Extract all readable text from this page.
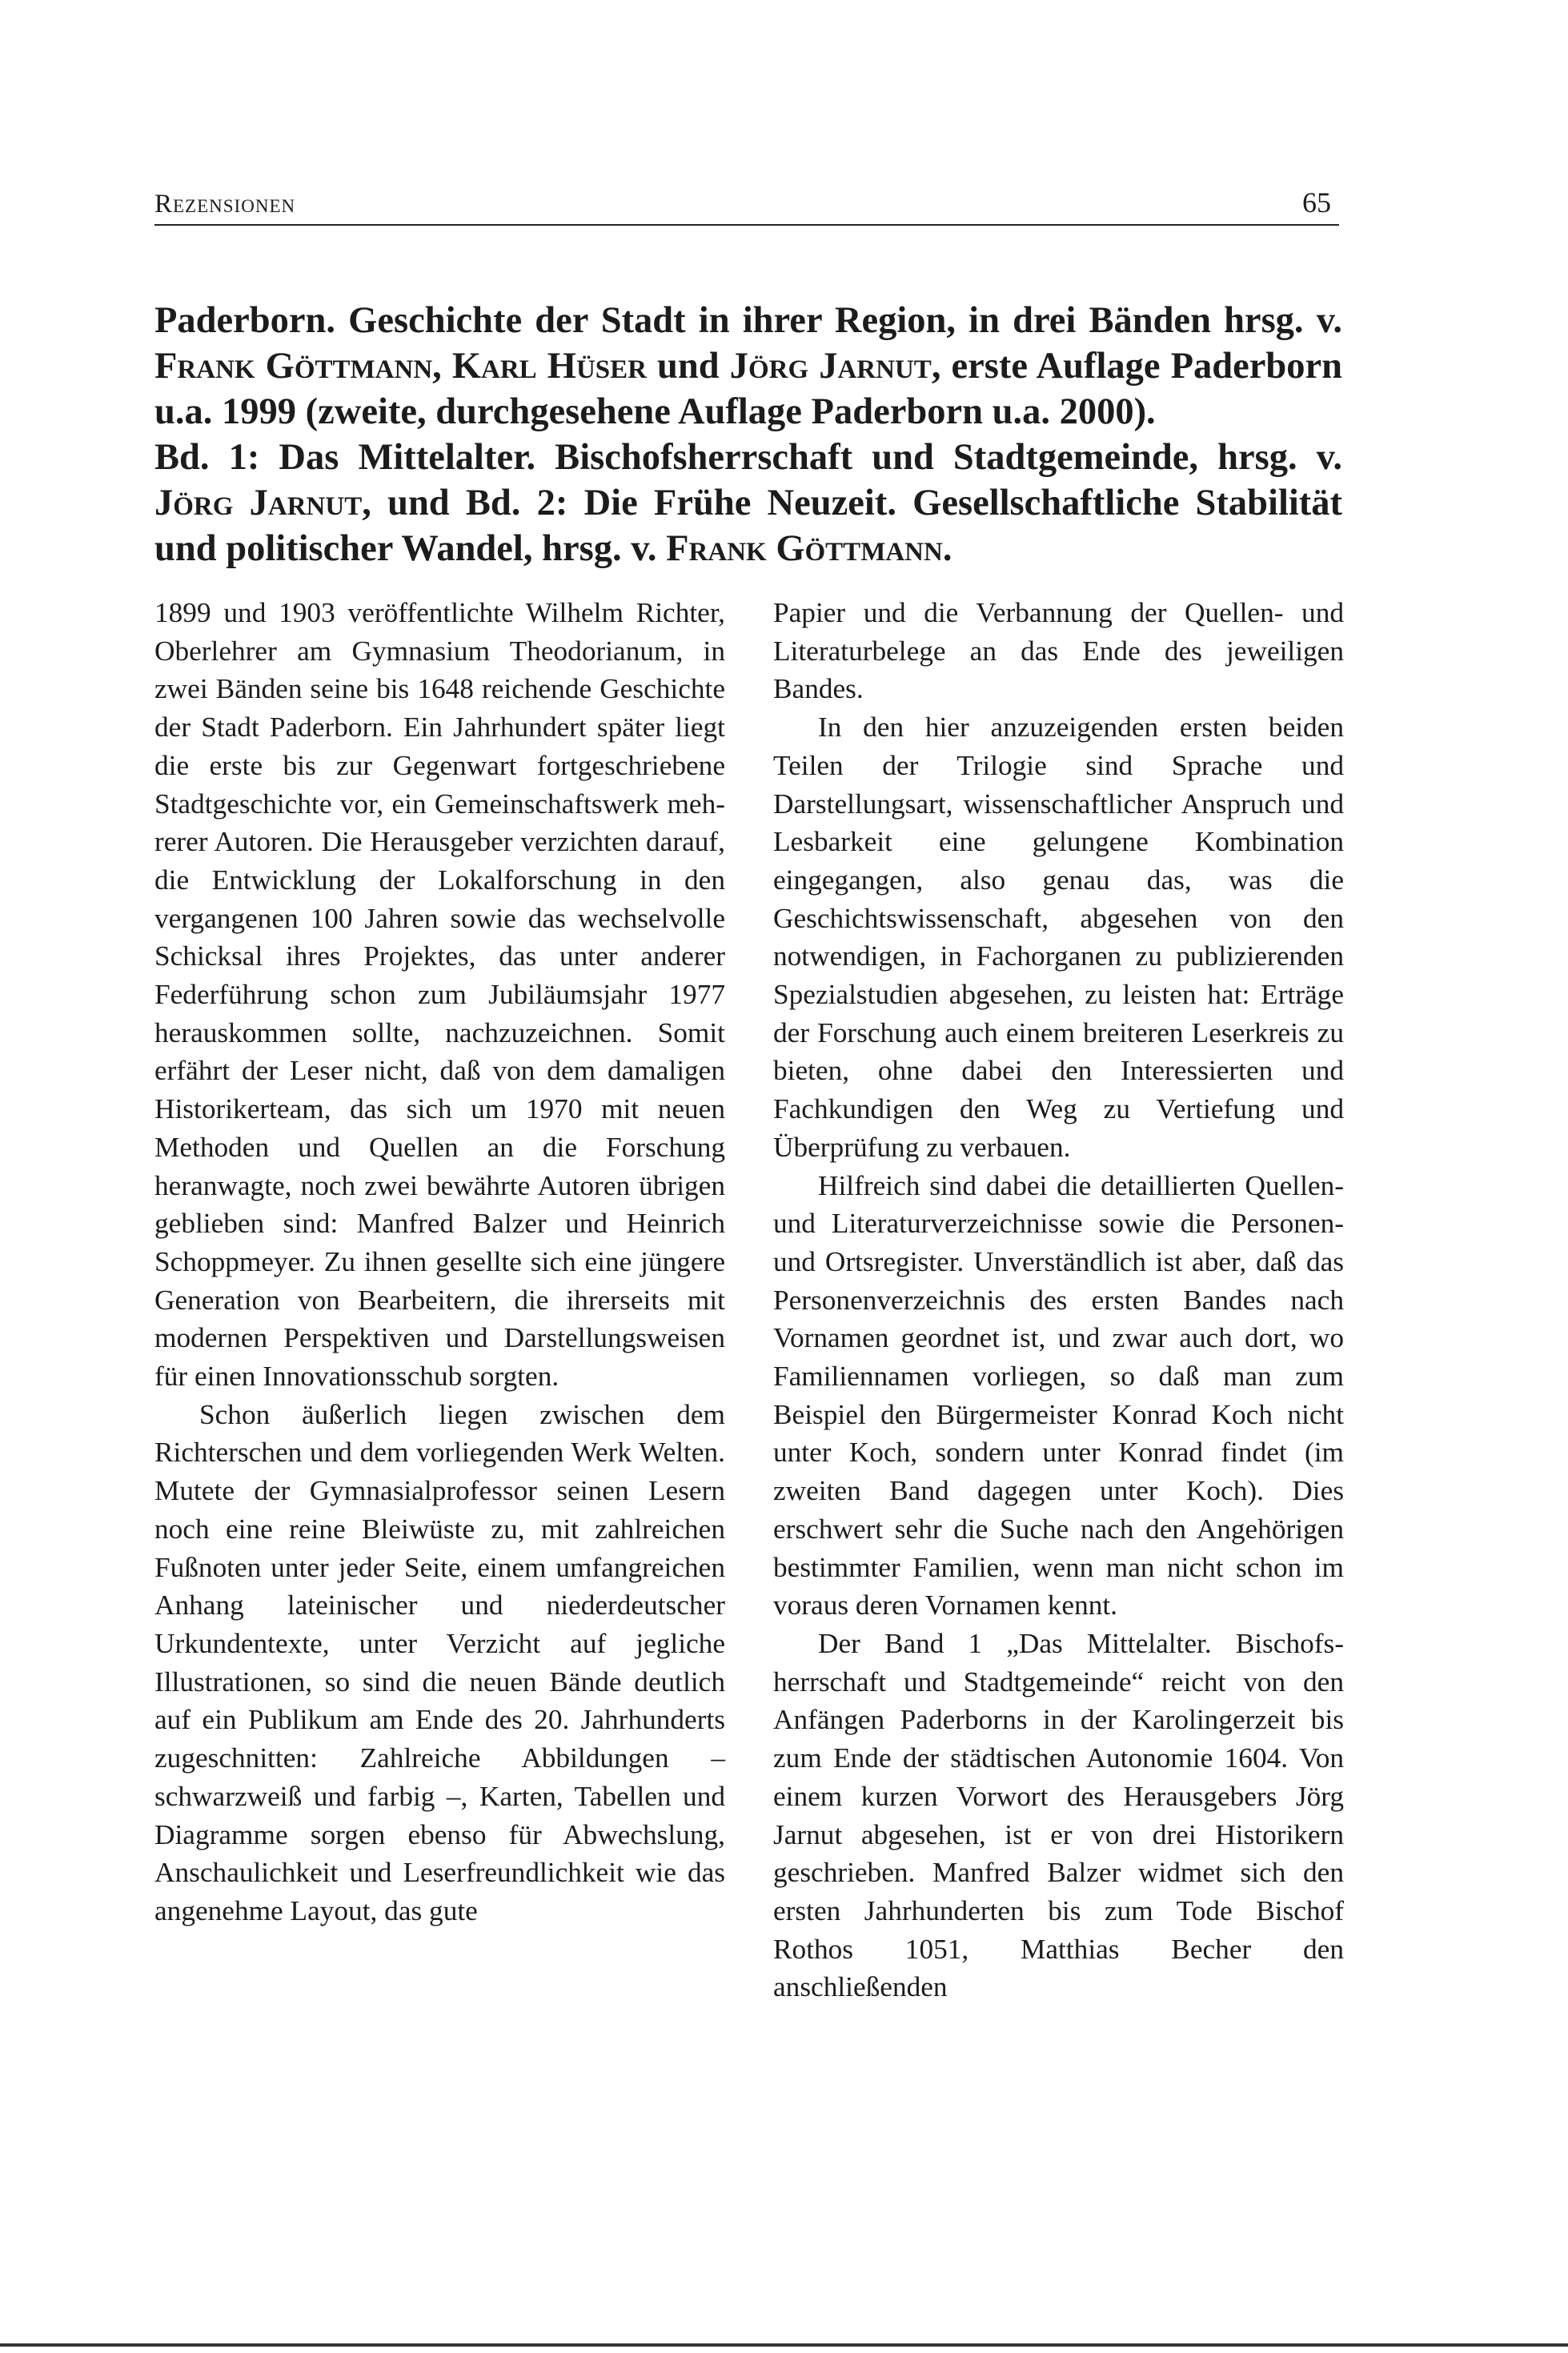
Rezensionen	65

Paderborn. Geschichte der Stadt in ihrer Region, in drei Bänden hrsg. v. Frank Göttmann, Karl Hüser und Jörg Jarnut, erste Auflage Paderborn u.a. 1999 (zweite, durchgesehene Auflage Paderborn u.a. 2000).

Bd. 1: Das Mittelalter. Bischofsherrschaft und Stadtgemeinde, hrsg. v. Jörg Jarnut, und Bd. 2: Die Frühe Neuzeit. Gesellschaftliche Stabilität und politischer Wandel, hrsg. v. Frank Göttmann.

1899 und 1903 veröffentlichte Wilhelm Richter, Oberlehrer am Gymnasium Theodorianum, in zwei Bänden seine bis 1648 reichende Geschichte der Stadt Paderborn. Ein Jahrhundert später liegt die erste bis zur Gegenwart fortgeschriebene Stadtgeschichte vor, ein Gemeinschaftswerk mehrerer Autoren. Die Herausgeber verzichten darauf, die Entwicklung der Lokalforschung in den vergangenen 100 Jahren sowie das wechselvolle Schicksal ihres Projektes, das unter anderer Federführung schon zum Jubiläumsjahr 1977 herauskommen sollte, nachzuzeichnen. Somit erfährt der Leser nicht, daß von dem damaligen Historikerteam, das sich um 1970 mit neuen Methoden und Quellen an die Forschung heranwagte, noch zwei bewährte Autoren übrigen geblieben sind: Manfred Balzer und Heinrich Schoppmeyer. Zu ihnen gesellte sich eine jüngere Generation von Bearbeitern, die ihrerseits mit modernen Perspektiven und Darstellungsweisen für einen Innovationsschub sorgten.

Schon äußerlich liegen zwischen dem Richterschen und dem vorliegenden Werk Welten. Mutete der Gymnasialprofessor seinen Lesern noch eine reine Bleiwüste zu, mit zahlreichen Fußnoten unter jeder Seite, einem umfangreichen Anhang lateinischer und niederdeutscher Urkundentexte, unter Verzicht auf jegliche Illustrationen, so sind die neuen Bände deutlich auf ein Publikum am Ende des 20. Jahrhunderts zugeschnitten: Zahlreiche Abbildungen – schwarzweiß und farbig –, Karten, Tabellen und Diagramme sorgen ebenso für Abwechslung, Anschaulichkeit und Leserfreundlichkeit wie das angenehme Layout, das gute

Papier und die Verbannung der Quellen- und Literaturbelege an das Ende des jeweiligen Bandes.

In den hier anzuzeigenden ersten beiden Teilen der Trilogie sind Sprache und Darstellungsart, wissenschaftlicher Anspruch und Lesbarkeit eine gelungene Kombination eingegangen, also genau das, was die Geschichtswissenschaft, abgesehen von den notwendigen, in Fachorganen zu publizierenden Spezialstudien abgesehen, zu leisten hat: Erträge der Forschung auch einem breiteren Leserkreis zu bieten, ohne dabei den Interessierten und Fachkundigen den Weg zu Vertiefung und Überprüfung zu verbauen.

Hilfreich sind dabei die detaillierten Quellen- und Literaturverzeichnisse sowie die Personen- und Ortsregister. Unverständlich ist aber, daß das Personenverzeichnis des ersten Bandes nach Vornamen geordnet ist, und zwar auch dort, wo Familiennamen vorliegen, so daß man zum Beispiel den Bürgermeister Konrad Koch nicht unter Koch, sondern unter Konrad findet (im zweiten Band dagegen unter Koch). Dies erschwert sehr die Suche nach den Angehörigen bestimmter Familien, wenn man nicht schon im voraus deren Vornamen kennt.

Der Band 1 „Das Mittelalter. Bischofsherrschaft und Stadtgemeinde“ reicht von den Anfängen Paderborns in der Karolingerzeit bis zum Ende der städtischen Autonomie 1604. Von einem kurzen Vorwort des Herausgebers Jörg Jarnut abgesehen, ist er von drei Historikern geschrieben. Manfred Balzer widmet sich den ersten Jahrhunderten bis zum Tode Bischof Rothos 1051, Matthias Becher den anschließenden
